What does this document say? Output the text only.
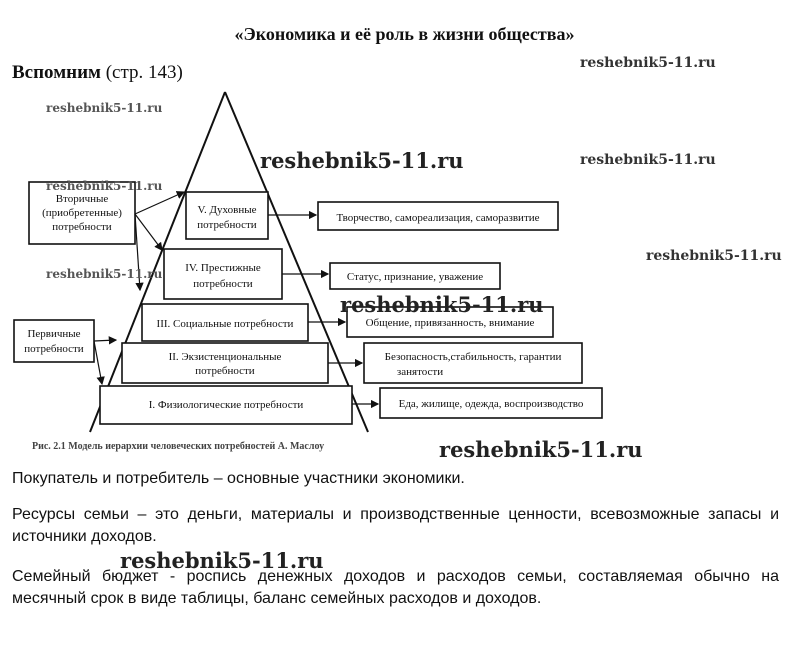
«Экономика и её роль в жизни общества»
Вспомним (стр. 143)
Вторичные
(приобретенные)
потребности
Первичные
потребности
V. Духовные
потребности
IV. Престижные
потребности
III. Социальные потребности
II. Экзистенциональные
потребности
I. Физиологические потребности
Творчество, самореализация, саморазвитие
Статус, признание, уважение
Общение, привязанность, внимание
Безопасность,стабильность, гарантии
занятости
Еда, жилище, одежда, воспроизводство
Рис. 2.1 Модель иерархии человеческих потребностей А. Маслоу
reshebnik5-11.ru
reshebnik5-11.ru
reshebnik5-11.ru	reshebnik5-11.ru
reshebnik5-11.ru
reshebnik5-11.ru
reshebnik5-11.ru
reshebnik5-11.ru
reshebnik5-11.ru
reshebnik5-11.ru
Покупатель и потребитель – основные участники экономики.
Ресурсы семьи – это деньги, материалы и производственные ценности, всевозможные запасы и источники доходов.
Семейный бюджет - роспись денежных доходов и расходов семьи, составляемая обычно на месячный срок в виде таблицы, баланс семейных расходов и доходов.
